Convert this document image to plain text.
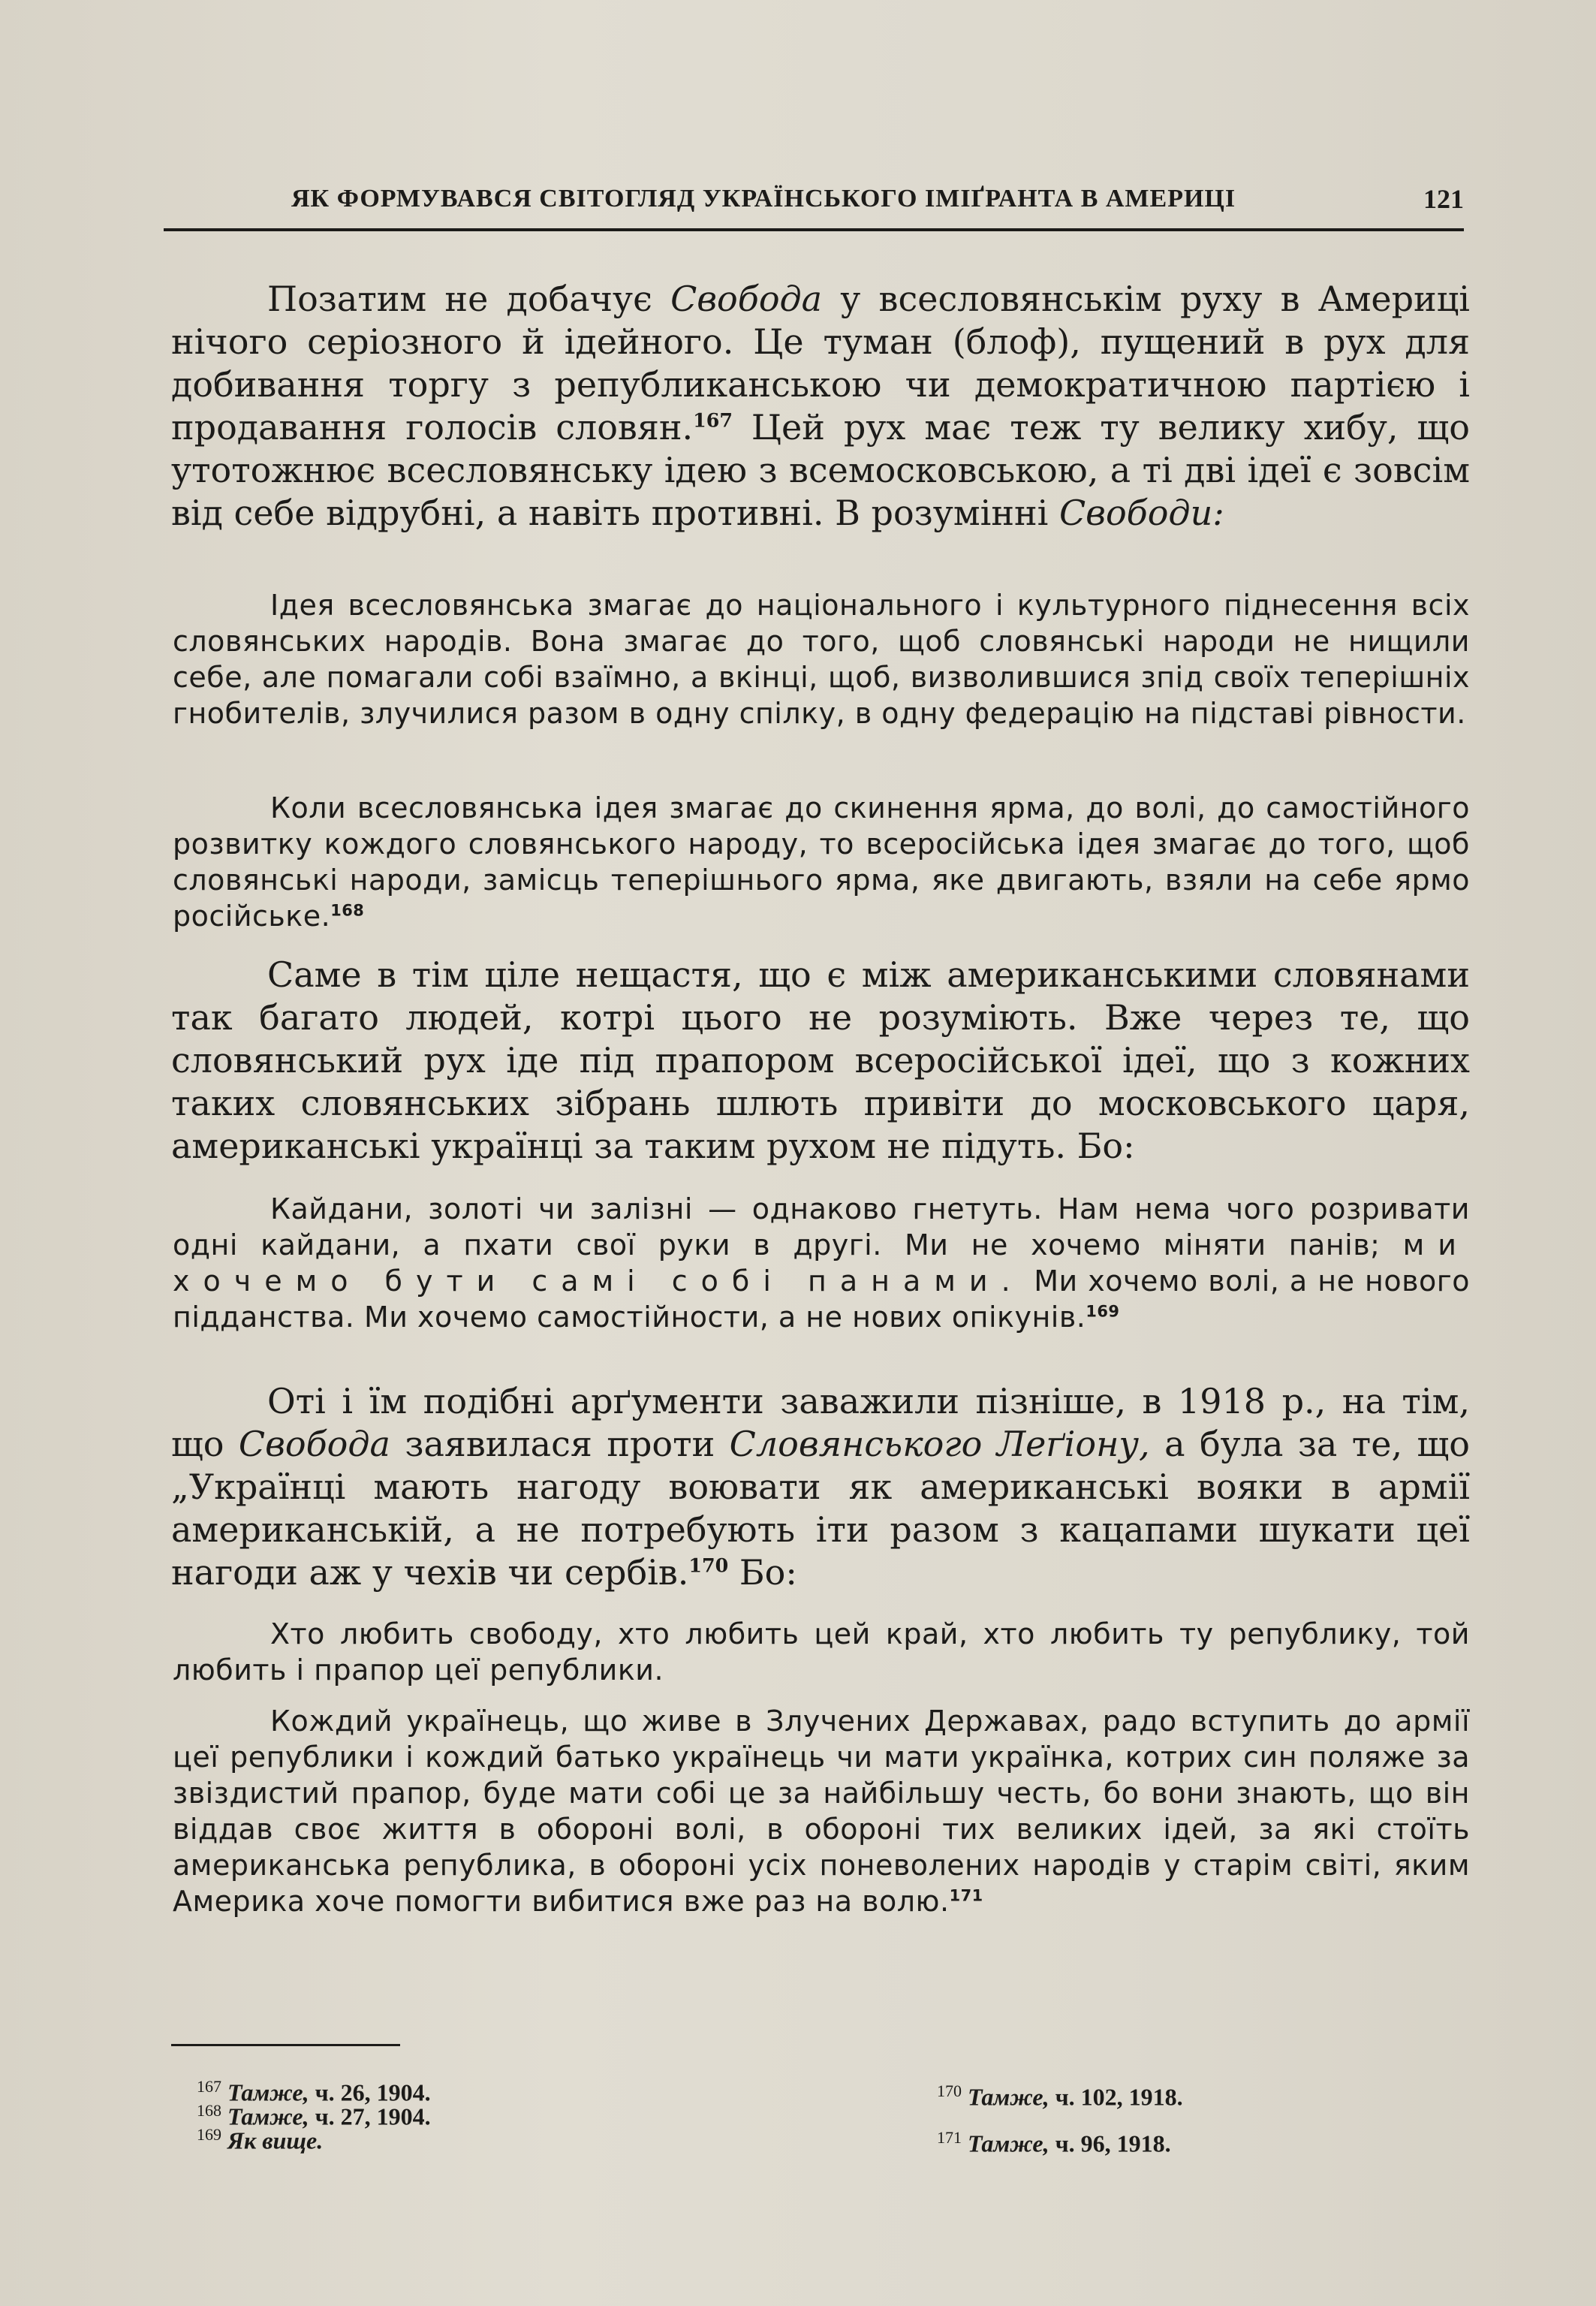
ЯК ФОРМУВАВСЯ СВІТОГЛЯД УКРАЇНСЬКОГО ІМІҐРАНТА В АМЕРИЦІ	121

Позатим не добачує Свобода у всесловянськім руху в Америці нічого серіозного й ідейного. Це туман (блоф), пущений в рух для добивання торгу з републиканською чи демократичною партією і продавання голосів словян.$^{167}$ Цей рух має теж ту велику хибу, що утотожнює всесловянську ідею з всемосковською, а ті дві ідеї є зовсім від себе відрубні, а навіть противні. В розумінні Свободи:

Ідея всесловянська змагає до національного і культурного піднесення всіх словянських народів. Вона змагає до того, щоб словянські народи не нищили себе, але помагали собі взаїмно, а вкінці, щоб, визволившися зпід своїх теперішніх гнобителів, злучилися разом в одну спілку, в одну федерацію на підставі рівности.

Коли всесловянська ідея змагає до скинення ярма, до волі, до самостійного розвитку кождого словянського народу, то всеросійська ідея змагає до того, щоб словянські народи, замісць теперішнього ярма, яке двигають, взяли на себе ярмо російське.$^{168}$

Саме в тім ціле нещастя, що є між американськими словянами так багато людей, котрі цього не розуміють. Вже через те, що словянський рух іде під прапором всеросійської ідеї, що з кожних таких словянських зібрань шлють привіти до московського царя, американські українці за таким рухом не підуть. Бо:

Кайдани, золоті чи залізні — однаково гнетуть. Нам нема чого розривати одні кайдани, а пхати свої руки в другі. Ми не хочемо міняти панів; ми хочемо бути самі собі панами. Ми хочемо волі, а не нового підданства. Ми хочемо самостійности, а не нових опікунів.$^{169}$

Оті і їм подібні арґументи заважили пізніше, в 1918 р., на тім, що Свобода заявилася проти Словянського Леґіону, а була за те, що „Українці мають нагоду воювати як американські вояки в армії американській, а не потребують іти разом з кацапами шукати цеї нагоди аж у чехів чи сербів.$^{170}$ Бо:

Хто любить свободу, хто любить цей край, хто любить ту републику, той любить і прапор цеї републики.

Кождий українець, що живе в Злучених Державах, радо вступить до армії цеї републики і кождий батько українець чи мати українка, котрих син поляже за звіздистий прапор, буде мати собі це за найбільшу честь, бо вони знають, що він віддав своє життя в обороні волі, в обороні тих великих ідей, за які стоїть американська република, в обороні усіх поневолених народів у старім світі, яким Америка хоче помогти вибитися вже раз на волю.$^{171}$

$^{167}$ Тамже, ч. 26, 1904.
$^{168}$ Тамже, ч. 27, 1904.
$^{169}$ Як вище.
$^{170}$ Тамже, ч. 102, 1918.
$^{171}$ Тамже, ч. 96, 1918.
